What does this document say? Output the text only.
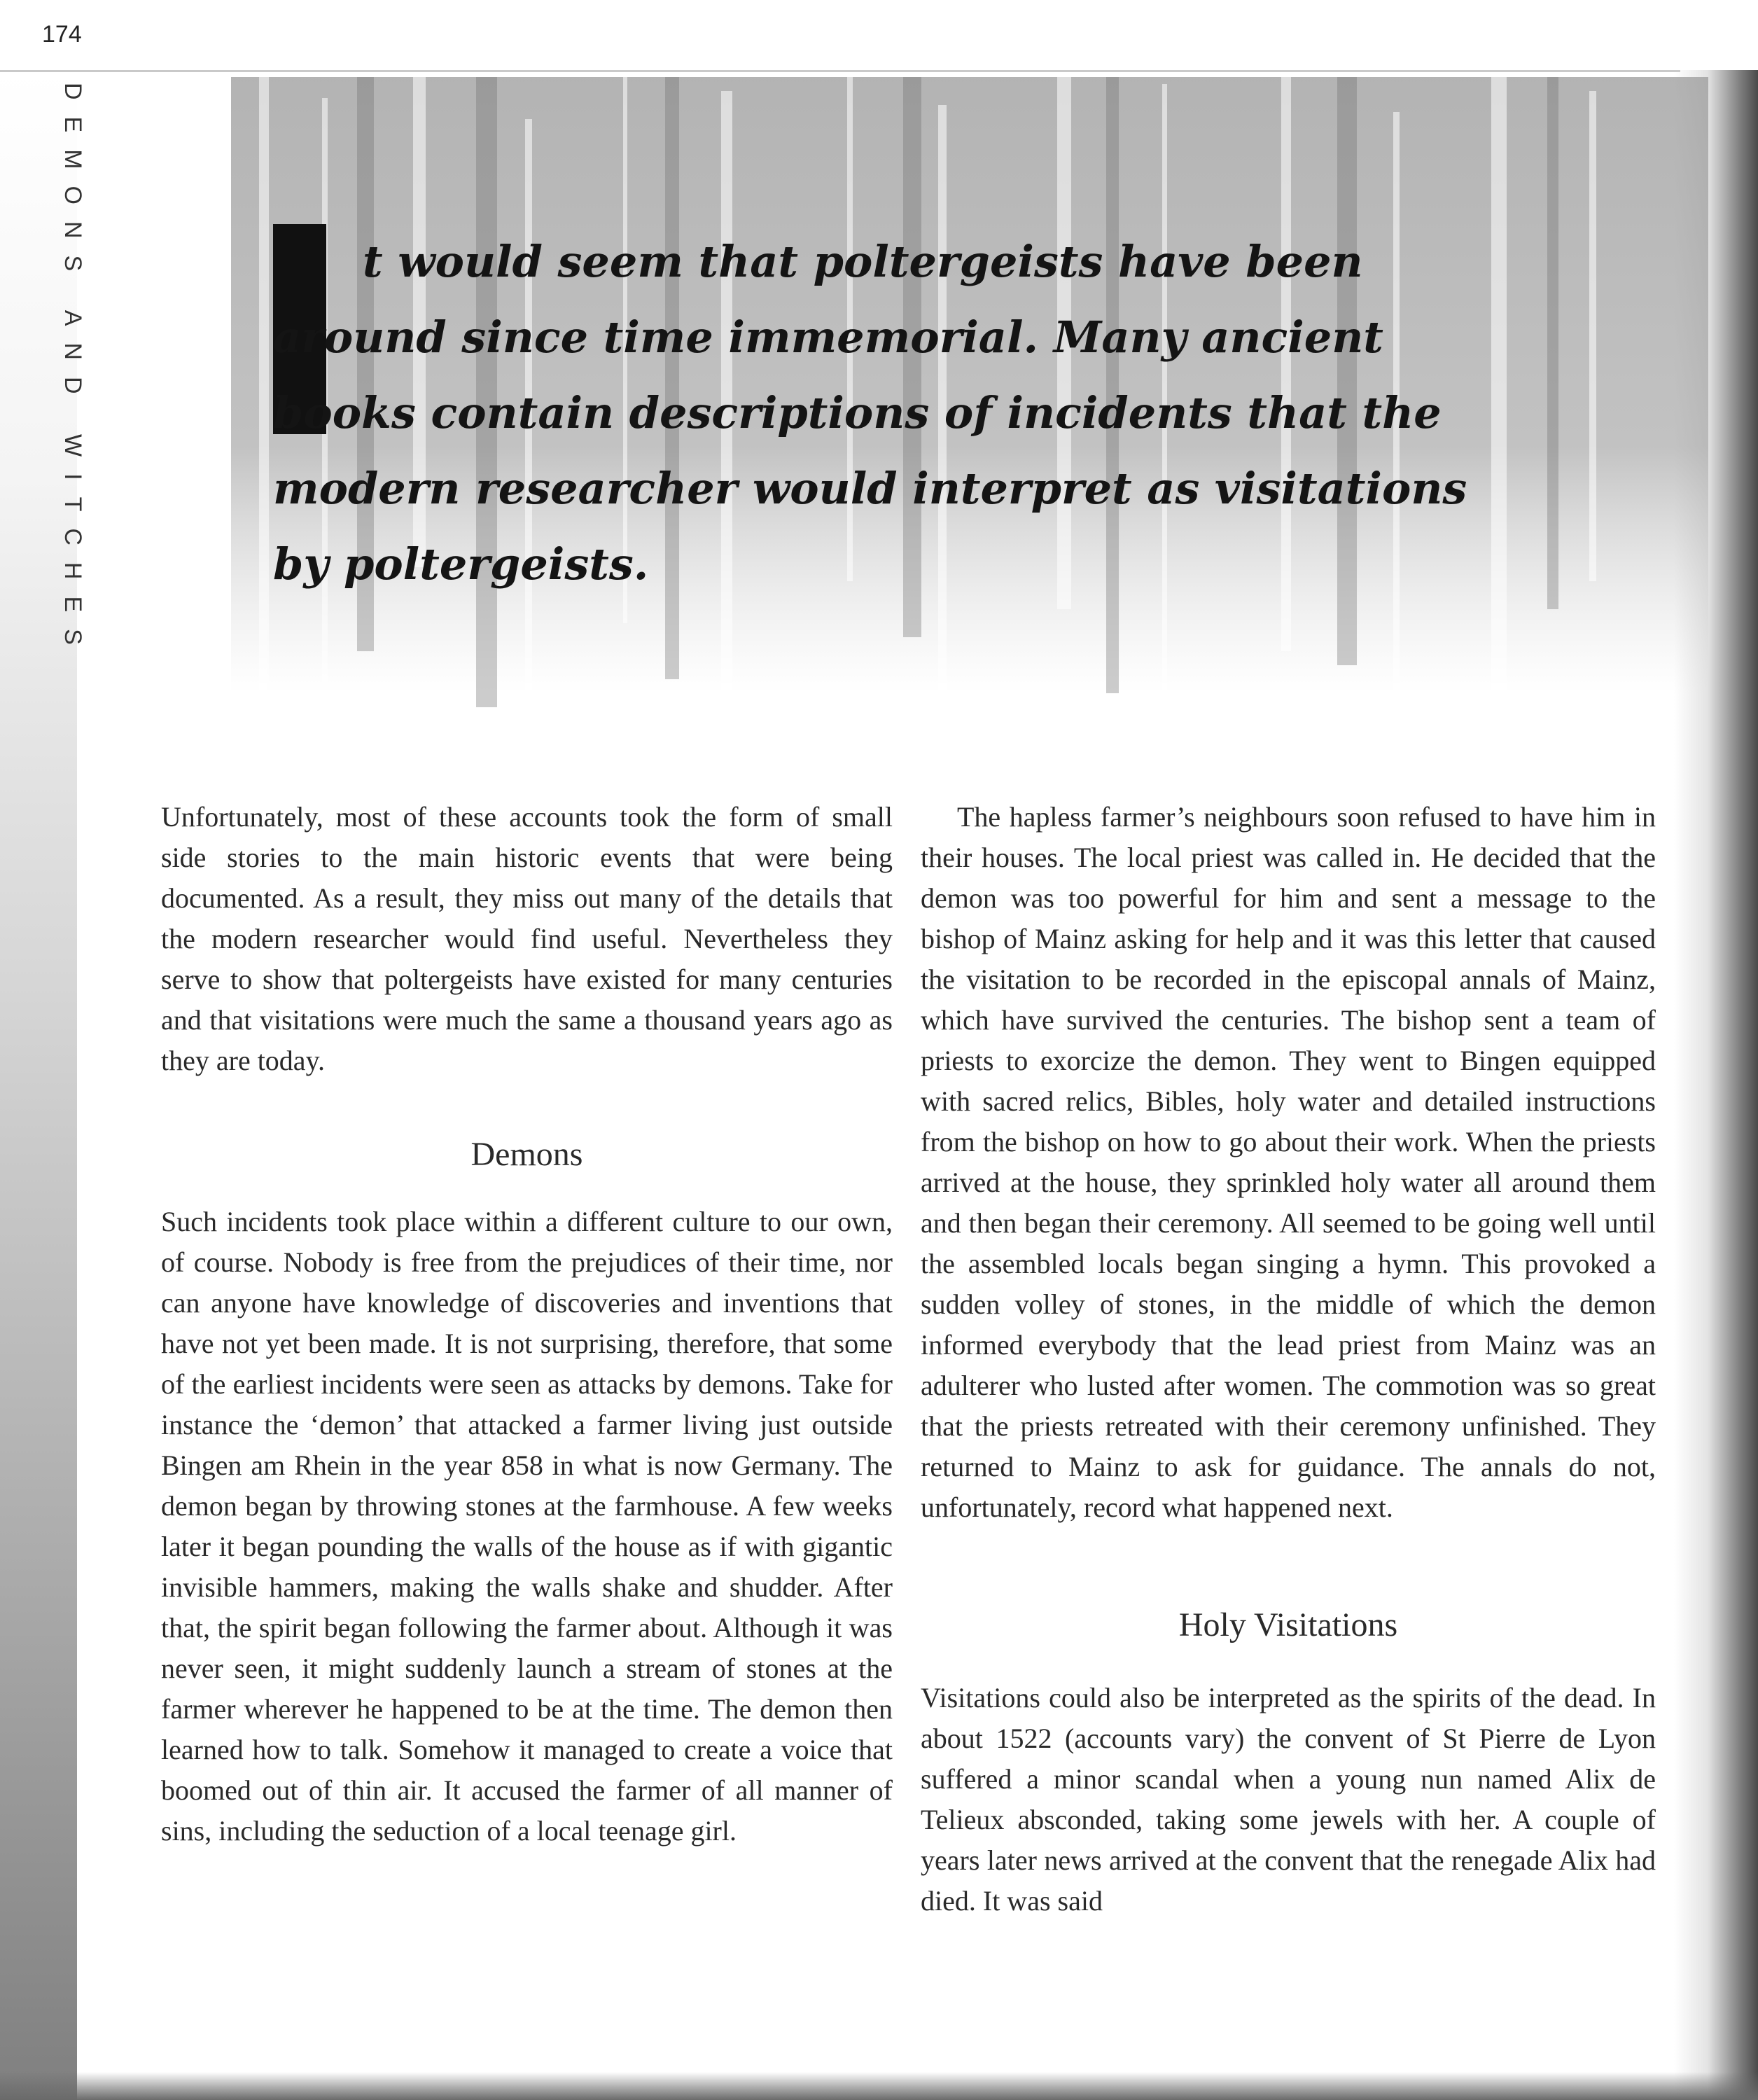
174
DEMONS AND WITCHES	t would seem that poltergeists have been around since time immemorial. Many ancient books contain descriptions of incidents that the modern researcher would interpret as visitations by poltergeists.

Unfortunately, most of these accounts took the form of small side stories to the main historic events that were being documented. As a result, they miss out many of the details that the modern researcher would find useful. Nevertheless they serve to show that poltergeists have existed for many centuries and that visitations were much the same a thousand years ago as they are today.

Demons

Such incidents took place within a different culture to our own, of course. Nobody is free from the prejudices of their time, nor can anyone have knowledge of discoveries and inventions that have not yet been made. It is not surprising, therefore, that some of the earliest incidents were seen as attacks by demons. Take for instance the ‘demon’ that attacked a farmer living just outside Bingen am Rhein in the year 858 in what is now Germany. The demon began by throwing stones at the farmhouse. A few weeks later it began pounding the walls of the house as if with gigantic invisible hammers, making the walls shake and shudder. After that, the spirit began following the farmer about. Although it was never seen, it might suddenly launch a stream of stones at the farmer wherever he happened to be at the time. The demon then learned how to talk. Somehow it managed to create a voice that boomed out of thin air. It accused the farmer of all manner of sins, including the seduction of a local teenage girl.

The hapless farmer’s neighbours soon refused to have him in their houses. The local priest was called in. He decided that the demon was too powerful for him and sent a message to the bishop of Mainz asking for help and it was this letter that caused the visitation to be recorded in the episcopal annals of Mainz, which have survived the centuries. The bishop sent a team of priests to exorcize the demon. They went to Bingen equipped with sacred relics, Bibles, holy water and detailed instructions from the bishop on how to go about their work. When the priests arrived at the house, they sprinkled holy water all around them and then began their ceremony. All seemed to be going well until the assembled locals began singing a hymn. This provoked a sudden volley of stones, in the middle of which the demon informed everybody that the lead priest from Mainz was an adulterer who lusted after women. The commotion was so great that the priests retreated with their ceremony unfinished. They returned to Mainz to ask for guidance. The annals do not, unfortunately, record what happened next.

Holy Visitations

Visitations could also be interpreted as the spirits of the dead. In about 1522 (accounts vary) the convent of St Pierre de Lyon suffered a minor scandal when a young nun named Alix de Telieux absconded, taking some jewels with her. A couple of years later news arrived at the convent that the renegade Alix had died. It was said
